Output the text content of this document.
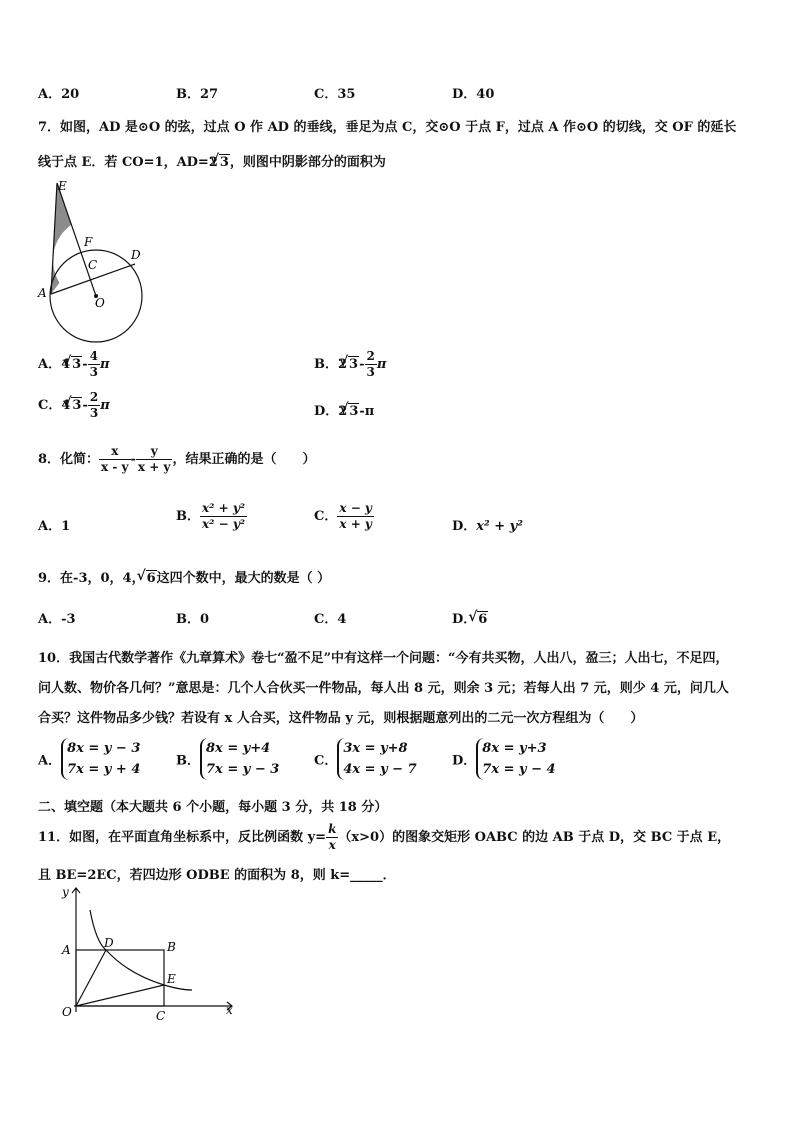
A．20	B．27	C．35	D．40
7．如图，AD 是⊙O 的弦，过点 O 作 AD 的垂线，垂足为点 C，交⊙O 于点 F，过点 A 作⊙O 的切线，交 OF 的延长
线于点 E．若 CO=1，AD=2 √ 3，则图中阴影部分的面积为
E
F
D
C
A
O
A．4 √ $3- \frac{4}{3}$ π	B．2 √ $3- \frac{2}{3}$ π
C．4 √ $3- \frac{2}{3}$ π	D．2 √ 3-π
8．化简： $\frac{x}{x - y} - \frac{y}{x + y}$ ，结果正确的是（　　）
A．1
B． $\frac{\text{x² + y²}}{\text{x² − y²}}$	C． $\frac{x - y}{x + y}$	D．x² + y²
9．在-3，0，4， √ 6这四个数中，最大的数是（ ）
A．-3	B．0	C．4	D． √ 6
10．我国古代数学著作《九章算术》卷七“盈不足”中有这样一个问题：“今有共买物，人出八，盈三；人出七，不足四，
问人数、物价各几何？”意思是：几个人合伙买一件物品，每人出 8 元，则余 3 元；若每人出 7 元，则少 4 元，问几人
合买？这件物品多少钱？若设有 x 人合买，这件物品 y 元，则根据题意列出的二元一次方程组为（　　）
A．8x = y − 3
7x = y + 4
B．8x = y+4
7x = y − 3
C．3x = y+8
4x = y − 7
D．8x = y+3
7x = y − 4
二、填空题（本大题共 6 个小题，每小题 3 分，共 18 分）
11．如图，在平面直角坐标系中，反比例函数 $y= \frac{k}{x} (x>0)$的图象交矩形 OABC 的边 AB 于点 D，交 BC 于点 E，
且 BE=2EC，若四边形 ODBE 的面积为 8，则 k=_____．
y
x
A	D	B
E
O	C
